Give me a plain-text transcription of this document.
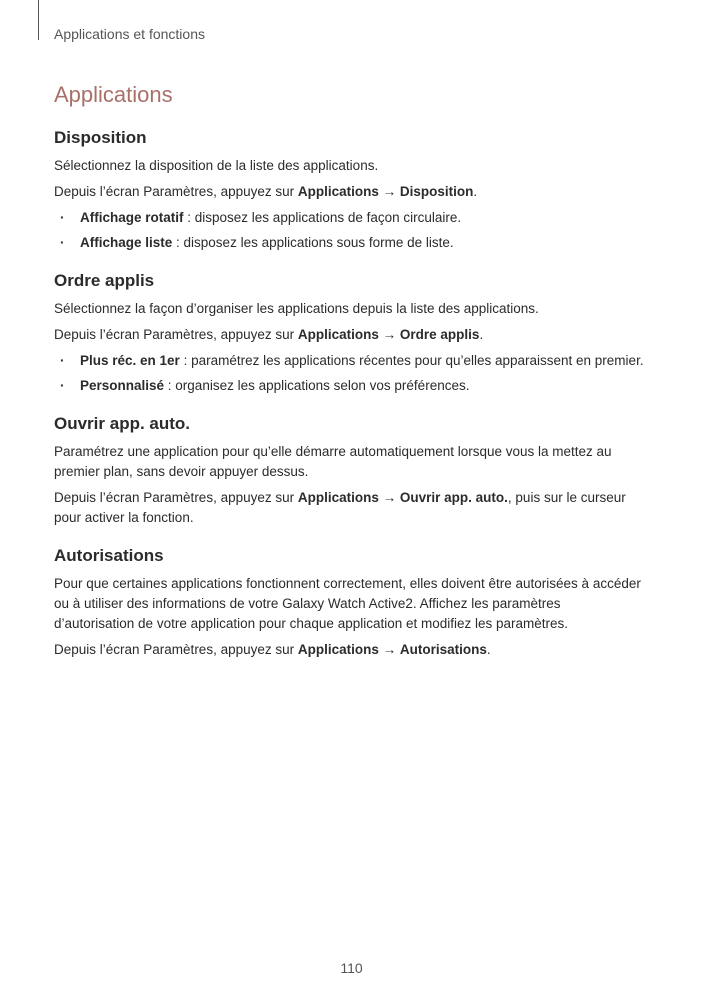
Applications et fonctions
Applications
Disposition

Sélectionnez la disposition de la liste des applications.

Depuis l’écran Paramètres, appuyez sur Applications → Disposition.

· Affichage rotatif : disposez les applications de façon circulaire.
· Affichage liste : disposez les applications sous forme de liste.
Ordre applis

Sélectionnez la façon d’organiser les applications depuis la liste des applications.

Depuis l’écran Paramètres, appuyez sur Applications → Ordre applis.

· Plus réc. en 1er : paramétrez les applications récentes pour qu’elles apparaissent en premier.
· Personnalisé : organisez les applications selon vos préférences.
Ouvrir app. auto.

Paramétrez une application pour qu’elle démarre automatiquement lorsque vous la mettez au premier plan, sans devoir appuyer dessus.

Depuis l’écran Paramètres, appuyez sur Applications → Ouvrir app. auto., puis sur le curseur pour activer la fonction.

Autorisations

Pour que certaines applications fonctionnent correctement, elles doivent être autorisées à accéder ou à utiliser des informations de votre Galaxy Watch Active2. Affichez les paramètres d’autorisation de votre application pour chaque application et modifiez les paramètres.

Depuis l’écran Paramètres, appuyez sur Applications → Autorisations.

110
